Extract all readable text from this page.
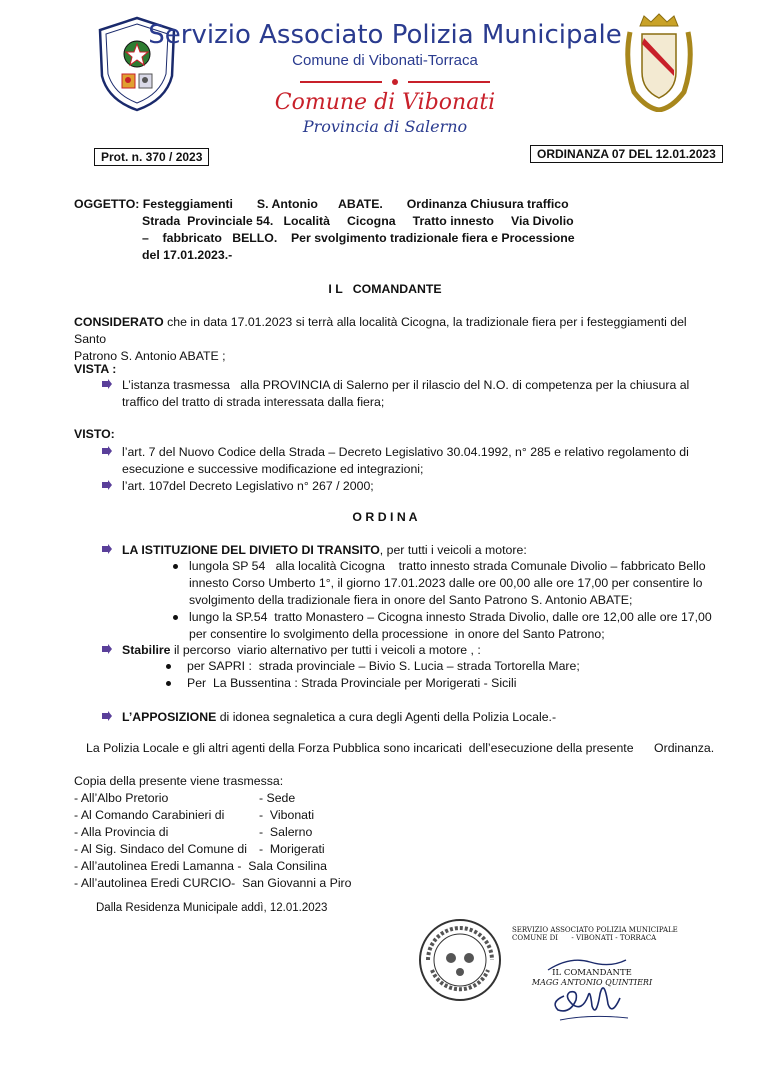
Servizio Associato Polizia Municipale
Comune di Vibonati-Torraca
Comune di Vibonati
Provincia di Salerno
Prot. n. 370 / 2023	ORDINANZA 07 DEL 12.01.2023
OGGETTO: Festeggiamenti       S. Antonio      ABATE.       Ordinanza Chiusura traffico
Strada  Provinciale 54.   Località     Cicogna     Tratto innesto     Via Divolio
–    fabbricato   BELLO.    Per svolgimento tradizionale fiera e Processione
del 17.01.2023.-
I L   COMANDANTE
CONSIDERATO che in data 17.01.2023 si terrà alla località Cicogna, la tradizionale fiera per i festeggiamenti del Santo
Patrono S. Antonio ABATE ;
VISTA :
L’istanza trasmessa   alla PROVINCIA di Salerno per il rilascio del N.O. di competenza per la chiusura al
traffico del tratto di strada interessata dalla fiera;
VISTO:
l’art. 7 del Nuovo Codice della Strada – Decreto Legislativo 30.04.1992, n° 285 e relativo regolamento di
esecuzione e successive modificazione ed integrazioni;
l’art. 107del Decreto Legislativo n° 267 / 2000;
O R D I N A
LA ISTITUZIONE DEL DIVIETO DI TRANSITO, per tutti i veicoli a motore:
lungola SP 54   alla località Cicogna    tratto innesto strada Comunale Divolio – fabbricato Bello
innesto Corso Umberto 1°, il giorno 17.01.2023 dalle ore 00,00 alle ore 17,00 per consentire lo
svolgimento della tradizionale fiera in onore del Santo Patrono S. Antonio ABATE;
lungo la SP.54  tratto Monastero – Cicogna innesto Strada Divolio, dalle ore 12,00 alle ore 17,00
per consentire lo svolgimento della processione  in onore del Santo Patrono;
Stabilire il percorso  viario alternativo per tutti i veicoli a motore , :
per SAPRI :  strada provinciale – Bivio S. Lucia – strada Tortorella Mare;
Per  La Bussentina : Strada Provinciale per Morigerati - Sicili
L’APPOSIZIONE di idonea segnaletica a cura degli Agenti della Polizia Locale.-
La Polizia Locale e gli altri agenti della Forza Pubblica sono incaricati  dell’esecuzione della presente      Ordinanza.
Copia della presente viene trasmessa:
- All’Albo Pretorio	- Sede
- Al Comando Carabinieri di	-  Vibonati
- Alla Provincia di	-  Salerno
- Al Sig. Sindaco del Comune di -  Morigerati
- All’autolinea Eredi Lamanna -  Sala Consilina
- All’autolinea Eredi CURCIO-  San Giovanni a Piro
Dalla Residenza Municipale addì, 12.01.2023
SERVIZIO ASSOCIATO POLIZIA MUNICIPALE
COMUNE DI      - VIBONATI - TORRACA
IL COMANDANTE
MAGG ANTONIO QUINTIERI
